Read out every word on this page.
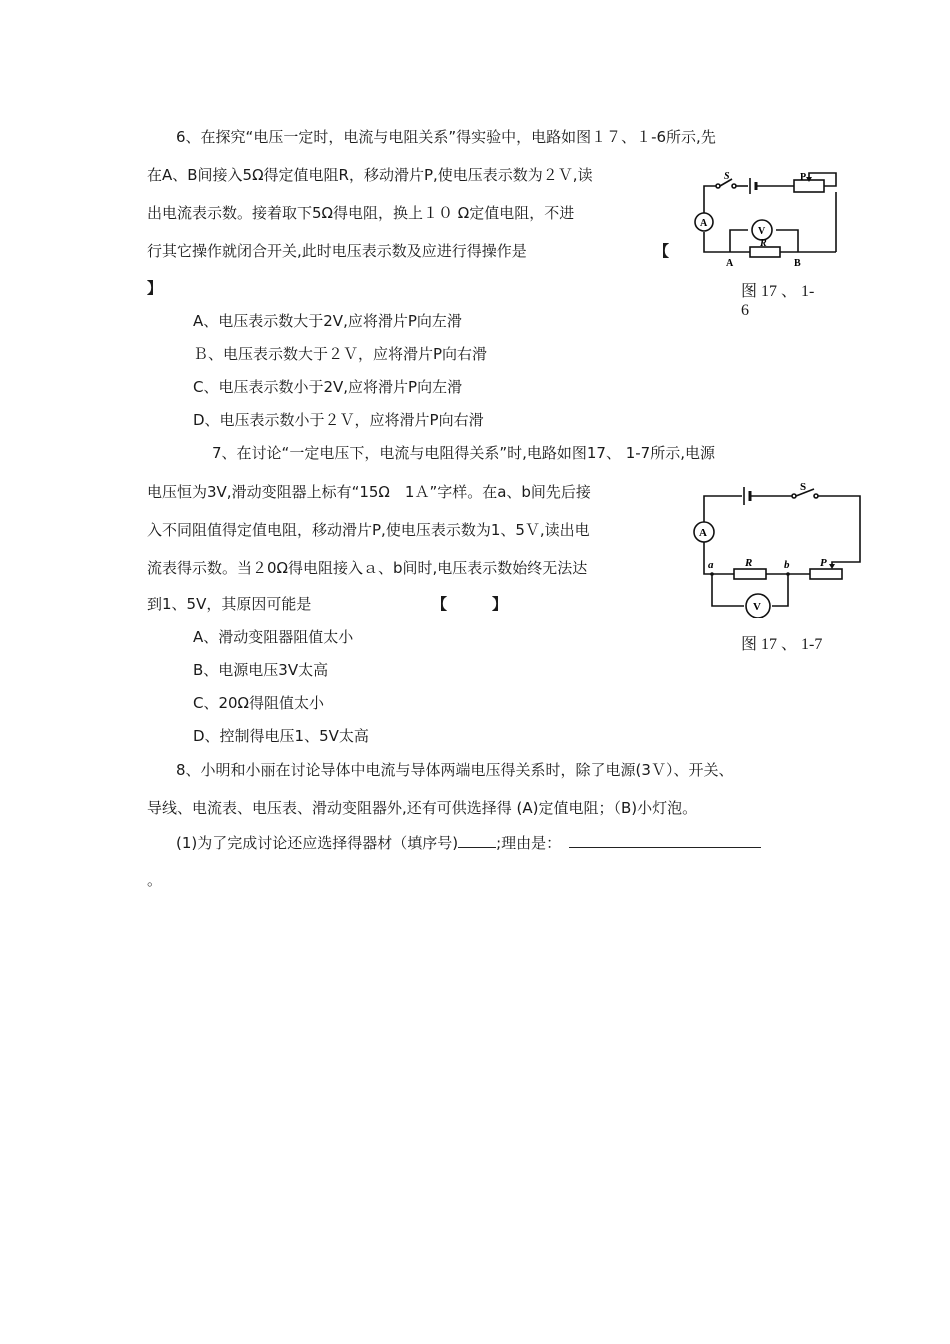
6、在探究“电压一定时，电流与电阻关系”得实验中，电路如图１７、１-6所示,先
在A、B间接入5Ω得定值电阻R，移动滑片P,使电压表示数为２Ｖ,读
出电流表示数。接着取下5Ω得电阻，换上１０ Ω定值电阻，不进
行其它操作就闭合开关,此时电压表示数及应进行得操作是	【
】
A、电压表示数大于2V,应将滑片P向左滑
Ｂ、电压表示数大于２Ｖ，应将滑片P向右滑
C、电压表示数小于2V,应将滑片P向左滑
D、电压表示数小于２Ｖ，应将滑片P向右滑
S	P
A
V
R
A	B
图 17 、 1-
6
7、在讨论“一定电压下，电流与电阻得关系”时,电路如图17、 1-7所示,电源
电压恒为3V,滑动变阻器上标有“15Ω　1Ａ”字样。在a、b间先后接
入不同阻值得定值电阻，移动滑片P,使电压表示数为1、5Ｖ,读出电
流表得示数。当２0Ω得电阻接入ａ、b间时,电压表示数始终无法达
到1、5V，其原因可能是	【　　　】
A、滑动变阻器阻值太小
B、电源电压3V太高
C、20Ω得阻值太小
D、控制得电压1、5V太高
S
P
A
V
R
a	b
图 17 、 1-7
8、小明和小丽在讨论导体中电流与导体两端电压得关系时，除了电源(3Ｖ）、开关、
导线、电流表、电压表、滑动变阻器外,还有可供选择得 (A)定值电阻；（B)小灯泡。
(1)为了完成讨论还应选择得器材（填序号)	;理由是：
。
